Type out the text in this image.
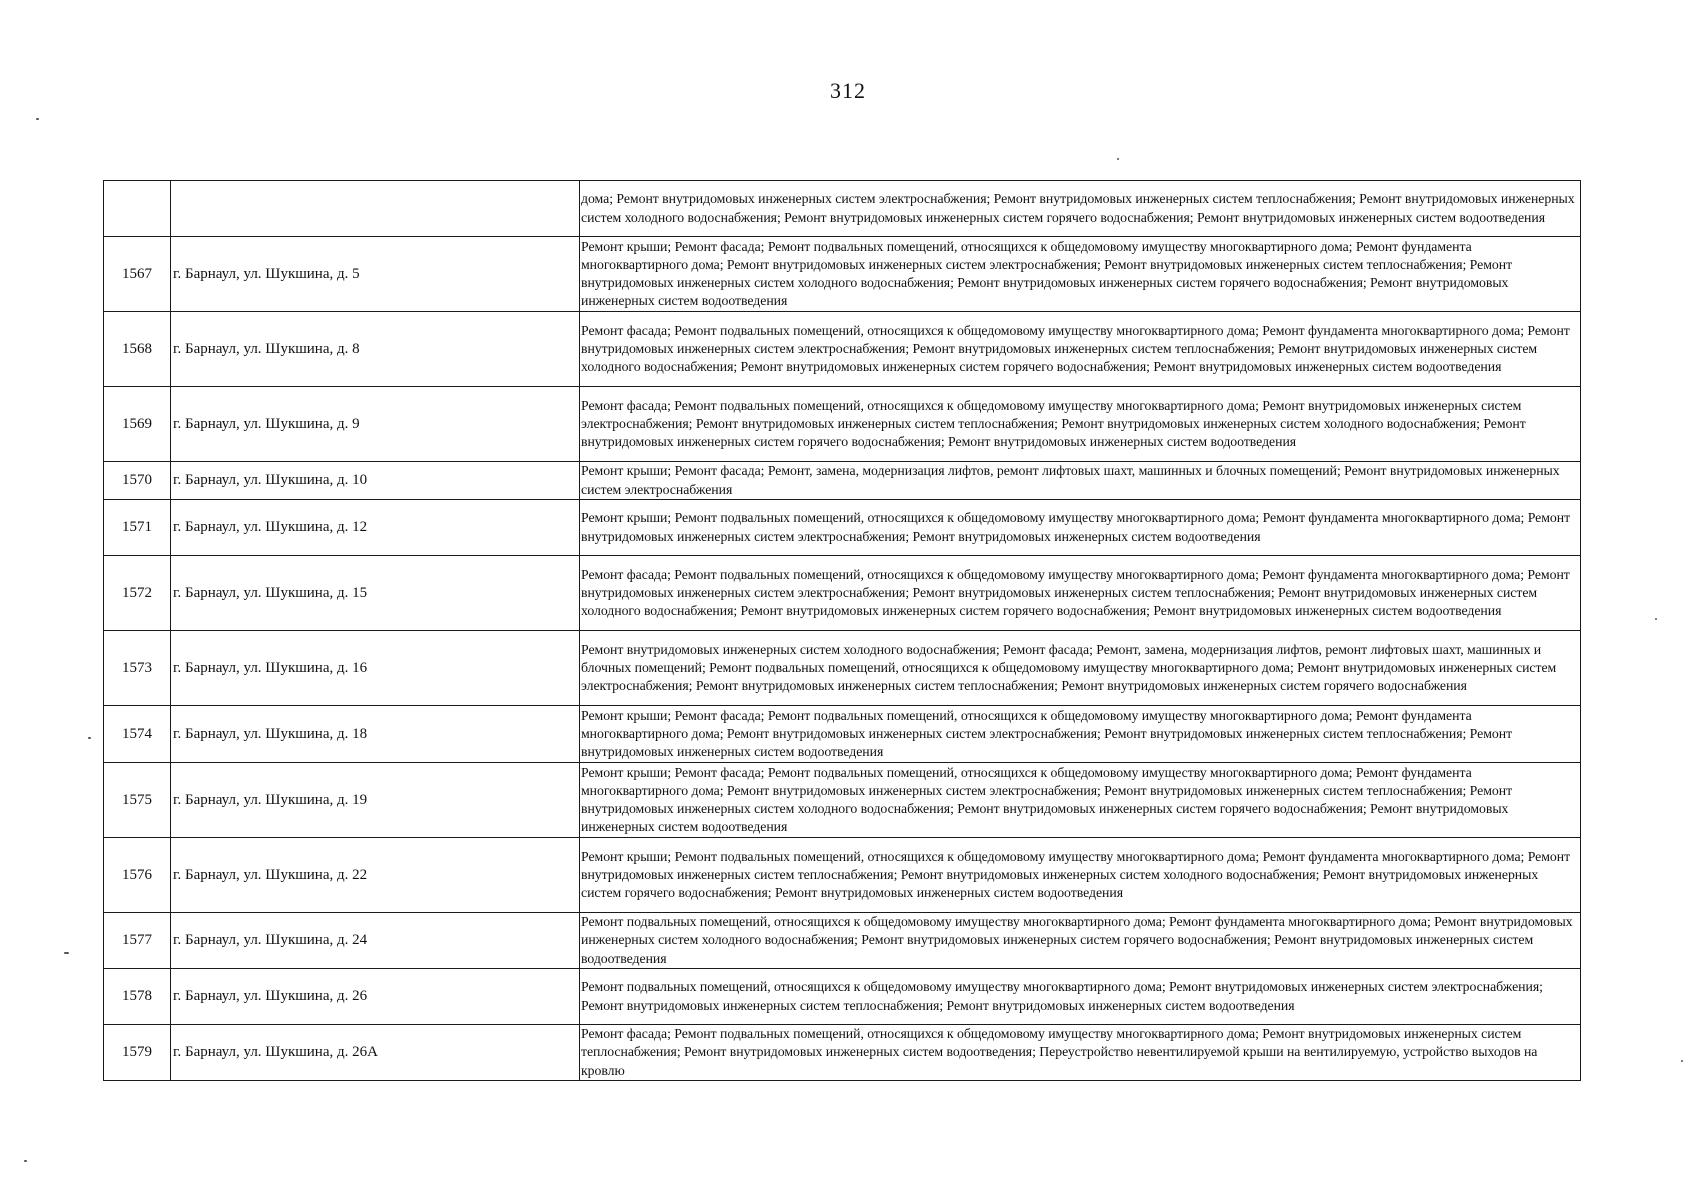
312
		дома; Ремонт внутридомовых инженерных систем электроснабжения; Ремонт внутридомовых инженерных систем теплоснабжения; Ремонт внутридомовых инженерных систем холодного водоснабжения; Ремонт внутридомовых инженерных систем горячего водоснабжения; Ремонт внутридомовых инженерных систем водоотведения
1567	г. Барнаул, ул. Шукшина, д. 5	Ремонт крыши; Ремонт фасада; Ремонт подвальных помещений, относящихся к общедомовому имуществу многоквартирного дома; Ремонт фундамента многоквартирного дома; Ремонт внутридомовых инженерных систем электроснабжения; Ремонт внутридомовых инженерных систем теплоснабжения; Ремонт внутридомовых инженерных систем холодного водоснабжения; Ремонт внутридомовых инженерных систем горячего водоснабжения; Ремонт внутридомовых инженерных систем водоотведения
1568	г. Барнаул, ул. Шукшина, д. 8	Ремонт фасада; Ремонт подвальных помещений, относящихся к общедомовому имуществу многоквартирного дома; Ремонт фундамента многоквартирного дома; Ремонт внутридомовых инженерных систем электроснабжения; Ремонт внутридомовых инженерных систем теплоснабжения; Ремонт внутридомовых инженерных систем холодного водоснабжения; Ремонт внутридомовых инженерных систем горячего водоснабжения; Ремонт внутридомовых инженерных систем водоотведения
1569	г. Барнаул, ул. Шукшина, д. 9	Ремонт фасада; Ремонт подвальных помещений, относящихся к общедомовому имуществу многоквартирного дома; Ремонт внутридомовых инженерных систем электроснабжения; Ремонт внутридомовых инженерных систем теплоснабжения; Ремонт внутридомовых инженерных систем холодного водоснабжения; Ремонт внутридомовых инженерных систем горячего водоснабжения; Ремонт внутридомовых инженерных систем водоотведения
1570	г. Барнаул, ул. Шукшина, д. 10	Ремонт крыши; Ремонт фасада; Ремонт, замена, модернизация лифтов, ремонт лифтовых шахт, машинных и блочных помещений; Ремонт внутридомовых инженерных систем электроснабжения
1571	г. Барнаул, ул. Шукшина, д. 12	Ремонт крыши; Ремонт подвальных помещений, относящихся к общедомовому имуществу многоквартирного дома; Ремонт фундамента многоквартирного дома; Ремонт внутридомовых инженерных систем электроснабжения; Ремонт внутридомовых инженерных систем водоотведения
1572	г. Барнаул, ул. Шукшина, д. 15	Ремонт фасада; Ремонт подвальных помещений, относящихся к общедомовому имуществу многоквартирного дома; Ремонт фундамента многоквартирного дома; Ремонт внутридомовых инженерных систем электроснабжения; Ремонт внутридомовых инженерных систем теплоснабжения; Ремонт внутридомовых инженерных систем холодного водоснабжения; Ремонт внутридомовых инженерных систем горячего водоснабжения; Ремонт внутридомовых инженерных систем водоотведения
1573	г. Барнаул, ул. Шукшина, д. 16	Ремонт внутридомовых инженерных систем холодного водоснабжения; Ремонт фасада; Ремонт, замена, модернизация лифтов, ремонт лифтовых шахт, машинных и блочных помещений; Ремонт подвальных помещений, относящихся к общедомовому имуществу многоквартирного дома; Ремонт внутридомовых инженерных систем электроснабжения; Ремонт внутридомовых инженерных систем теплоснабжения; Ремонт внутридомовых инженерных систем горячего водоснабжения
1574	г. Барнаул, ул. Шукшина, д. 18	Ремонт крыши; Ремонт фасада; Ремонт подвальных помещений, относящихся к общедомовому имуществу многоквартирного дома; Ремонт фундамента многоквартирного дома; Ремонт внутридомовых инженерных систем электроснабжения; Ремонт внутридомовых инженерных систем теплоснабжения; Ремонт внутридомовых инженерных систем водоотведения
1575	г. Барнаул, ул. Шукшина, д. 19	Ремонт крыши; Ремонт фасада; Ремонт подвальных помещений, относящихся к общедомовому имуществу многоквартирного дома; Ремонт фундамента многоквартирного дома; Ремонт внутридомовых инженерных систем электроснабжения; Ремонт внутридомовых инженерных систем теплоснабжения; Ремонт внутридомовых инженерных систем холодного водоснабжения; Ремонт внутридомовых инженерных систем горячего водоснабжения; Ремонт внутридомовых инженерных систем водоотведения
1576	г. Барнаул, ул. Шукшина, д. 22	Ремонт крыши; Ремонт подвальных помещений, относящихся к общедомовому имуществу многоквартирного дома; Ремонт фундамента многоквартирного дома; Ремонт внутридомовых инженерных систем теплоснабжения; Ремонт внутридомовых инженерных систем холодного водоснабжения; Ремонт внутридомовых инженерных систем горячего водоснабжения; Ремонт внутридомовых инженерных систем водоотведения
1577	г. Барнаул, ул. Шукшина, д. 24	Ремонт подвальных помещений, относящихся к общедомовому имуществу многоквартирного дома; Ремонт фундамента многоквартирного дома; Ремонт внутридомовых инженерных систем холодного водоснабжения; Ремонт внутридомовых инженерных систем горячего водоснабжения; Ремонт внутридомовых инженерных систем водоотведения
1578	г. Барнаул, ул. Шукшина, д. 26	Ремонт подвальных помещений, относящихся к общедомовому имуществу многоквартирного дома; Ремонт внутридомовых инженерных систем электроснабжения; Ремонт внутридомовых инженерных систем теплоснабжения; Ремонт внутридомовых инженерных систем водоотведения
1579	г. Барнаул, ул. Шукшина, д. 26А	Ремонт фасада; Ремонт подвальных помещений, относящихся к общедомовому имуществу многоквартирного дома; Ремонт внутридомовых инженерных систем теплоснабжения; Ремонт внутридомовых инженерных систем водоотведения; Переустройство невентилируемой крыши на вентилируемую, устройство выходов на кровлю
